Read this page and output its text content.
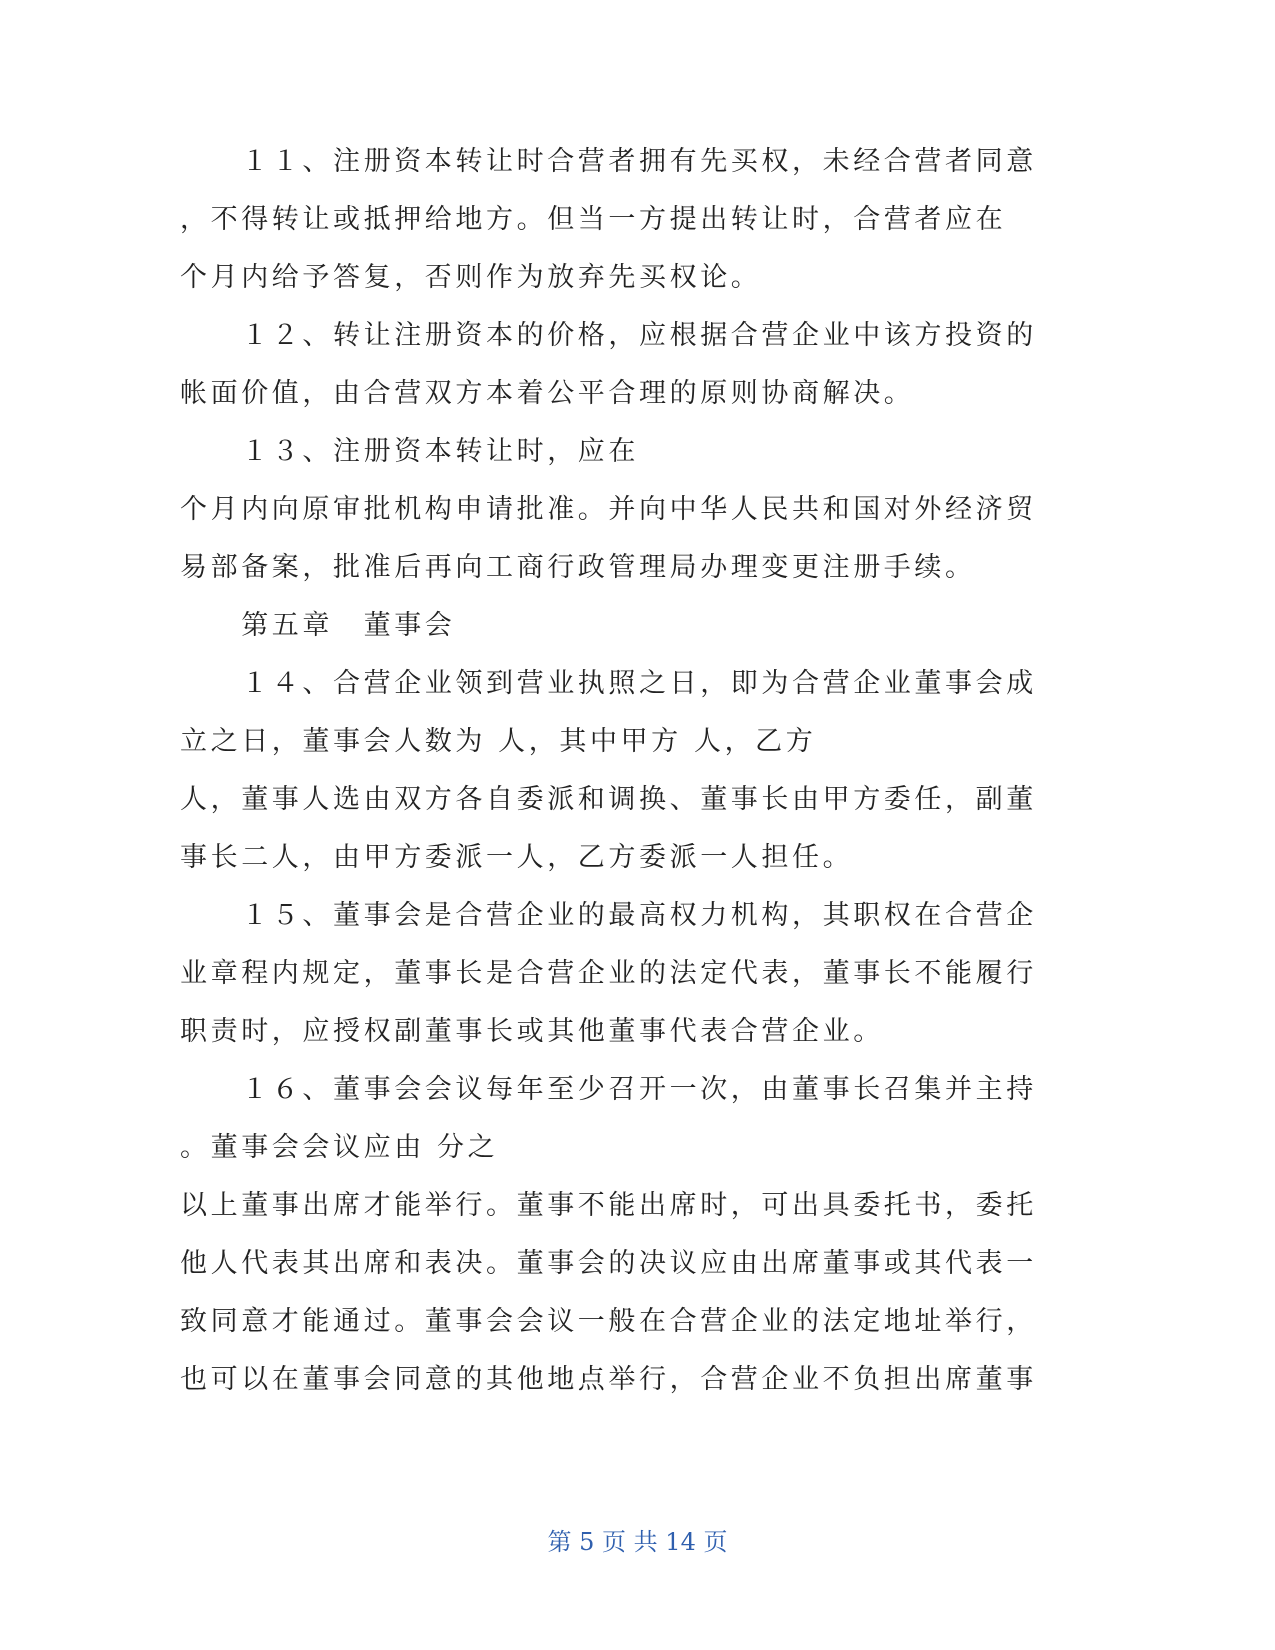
　　１１、注册资本转让时合营者拥有先买权，未经合营者同意
，不得转让或抵押给地方。但当一方提出转让时，合营者应在
个月内给予答复，否则作为放弃先买权论。
　　１２、转让注册资本的价格，应根据合营企业中该方投资的
帐面价值，由合营双方本着公平合理的原则协商解决。
　　１３、注册资本转让时，应在
个月内向原审批机构申请批准。并向中华人民共和国对外经济贸
易部备案，批准后再向工商行政管理局办理变更注册手续。
　　第五章　董事会
　　１４、合营企业领到营业执照之日，即为合营企业董事会成
立之日，董事会人数为 人，其中甲方 人，乙方
人，董事人选由双方各自委派和调换、董事长由甲方委任，副董
事长二人，由甲方委派一人，乙方委派一人担任。
　　１５、董事会是合营企业的最高权力机构，其职权在合营企
业章程内规定，董事长是合营企业的法定代表，董事长不能履行
职责时，应授权副董事长或其他董事代表合营企业。
　　１６、董事会会议每年至少召开一次，由董事长召集并主持
。董事会会议应由 分之
以上董事出席才能举行。董事不能出席时，可出具委托书，委托
他人代表其出席和表决。董事会的决议应由出席董事或其代表一
致同意才能通过。董事会会议一般在合营企业的法定地址举行，
也可以在董事会同意的其他地点举行，合营企业不负担出席董事
第 5 页 共 14 页
